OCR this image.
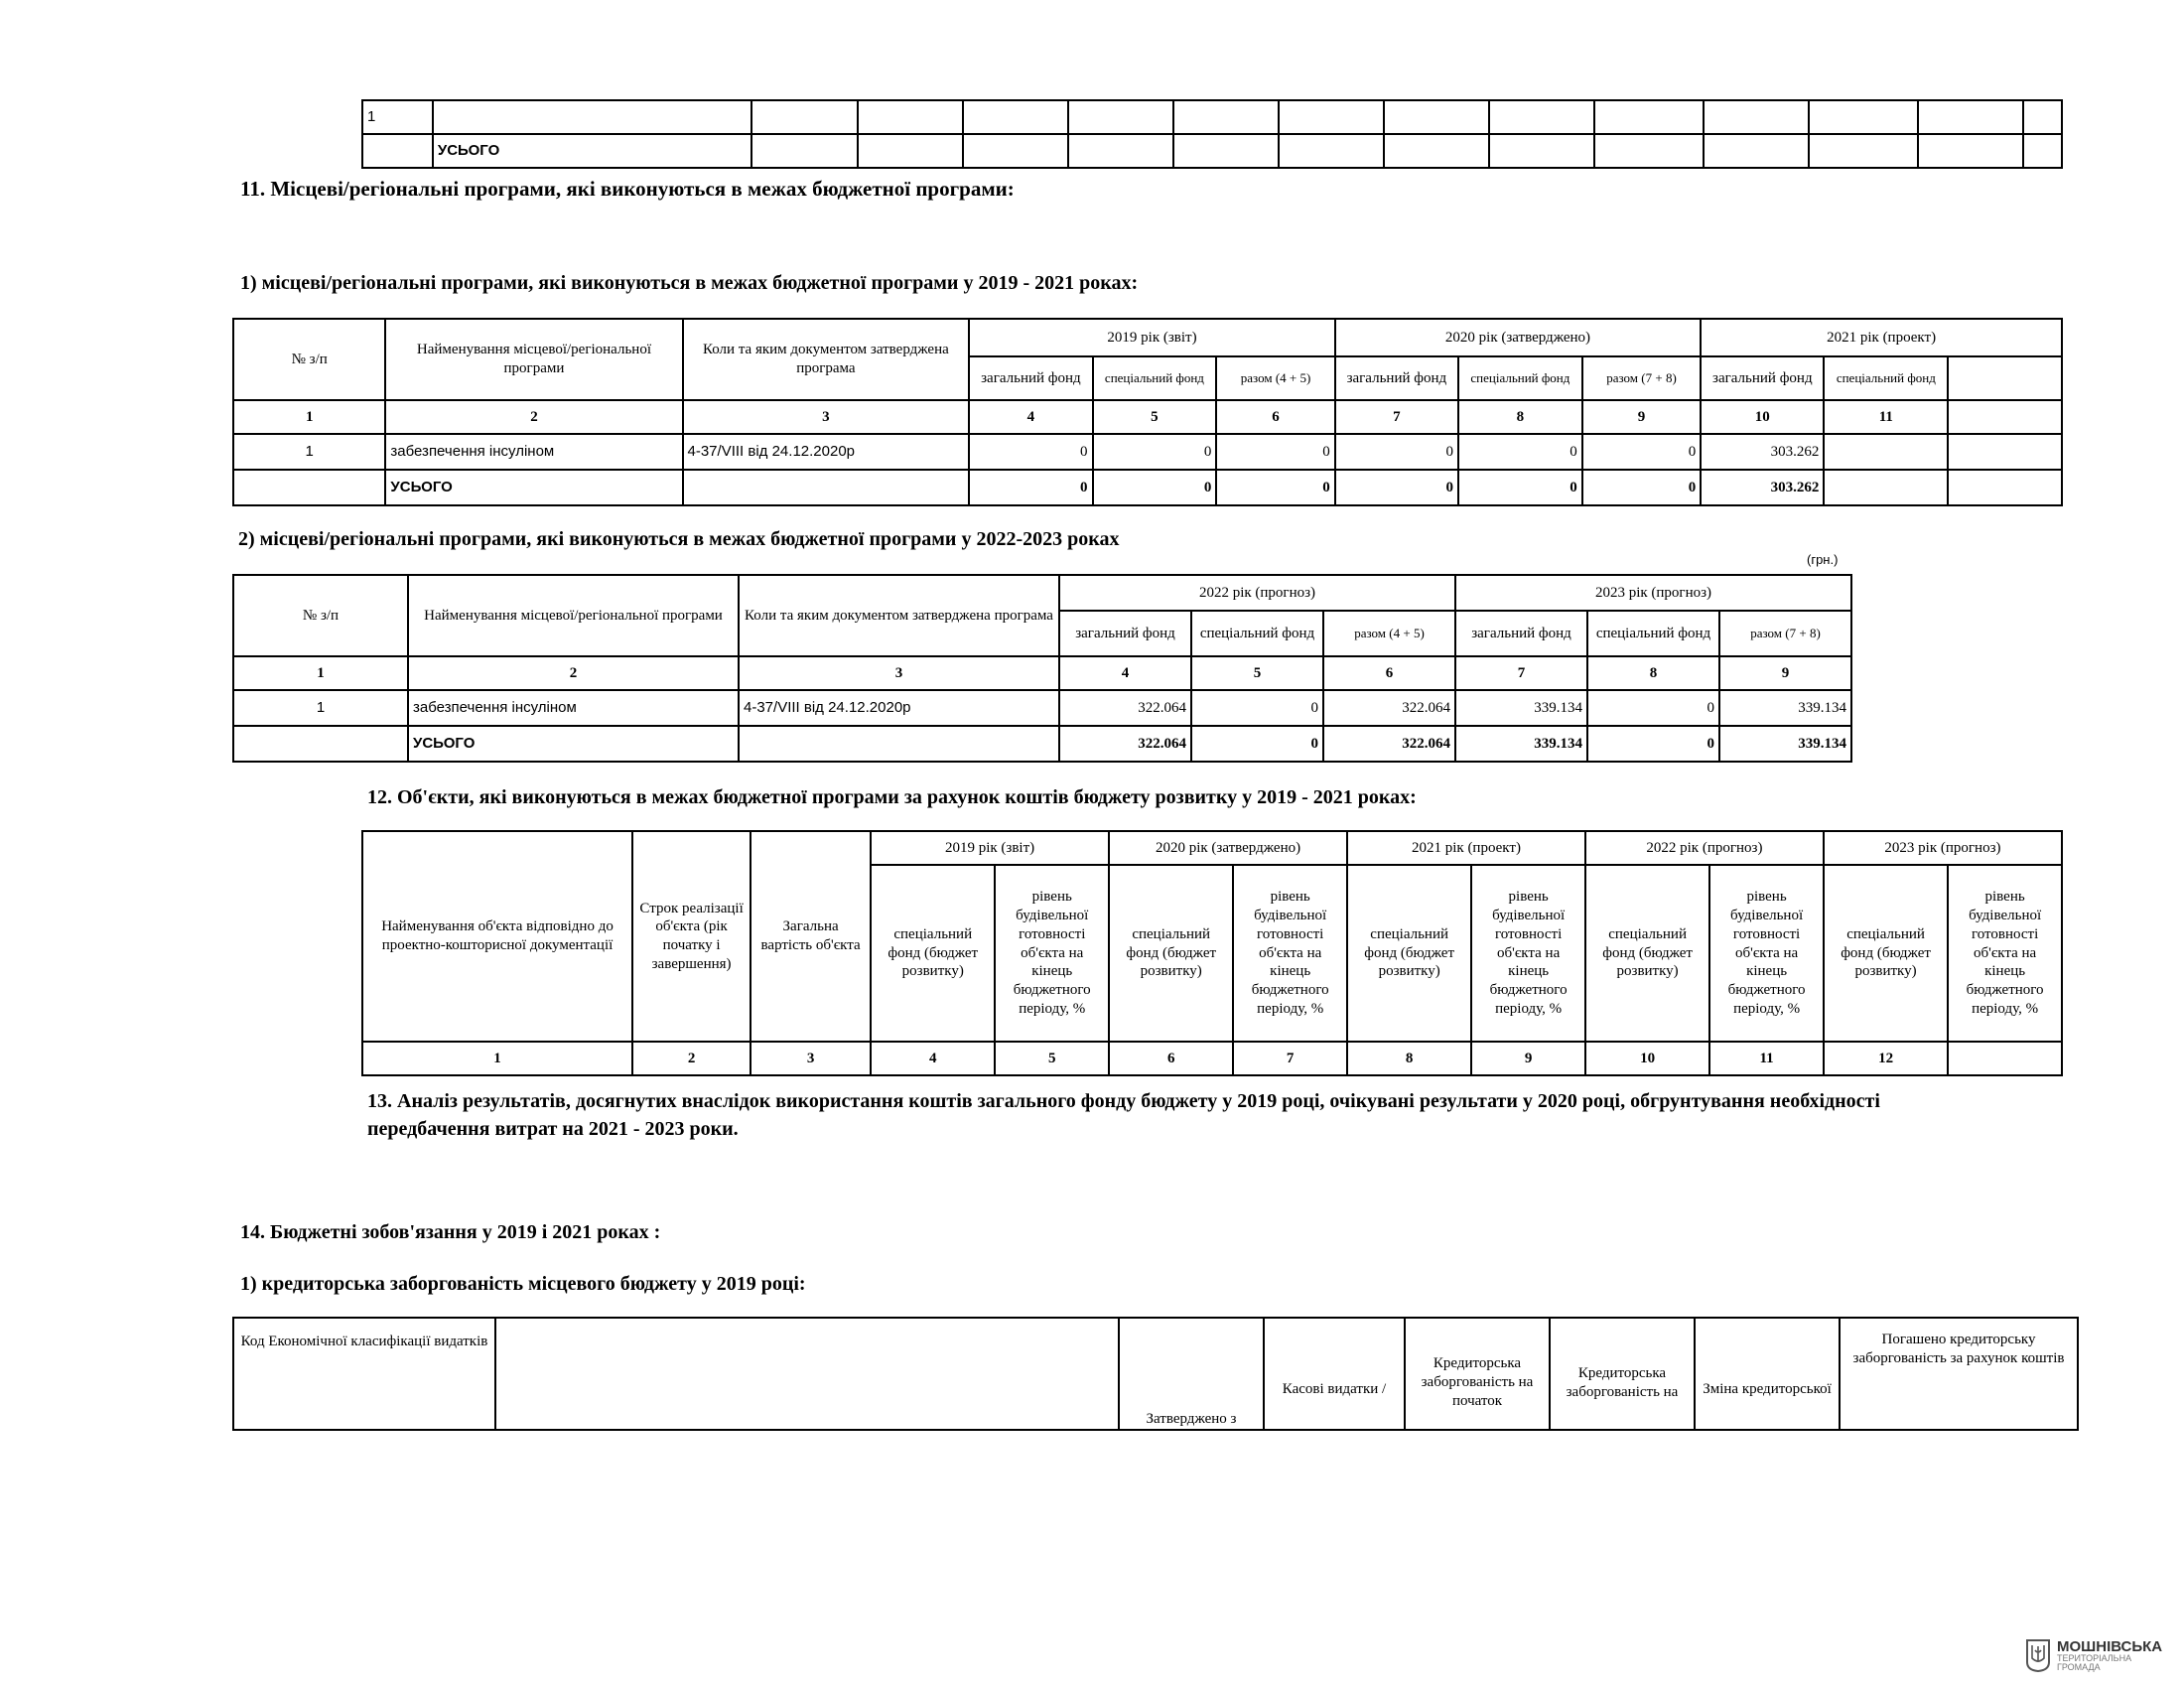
1														
	УСЬОГО													
11. Місцеві/регіональні програми, які виконуються в межах бюджетної програми:
1) місцеві/регіональні програми, які виконуються в межах бюджетної програми у 2019 - 2021 роках:
№ з/п	Найменування місцевої/регіональної програми	Коли та яким документом затверджена програма	2019 рік (звіт)			2020 рік (затверджено)			2021 рік (проект)		
			загальний фонд	спеціальний фонд	разом (4 + 5)	загальний фонд	спеціальний фонд	разом (7 + 8)	загальний фонд	спеціальний фонд	
1	2	3	4	5	6	7	8	9	10	11	
1	забезпечення інсуліном	4-37/VIII від 24.12.2020р	0	0	0	0	0	0	303.262		
	УСЬОГО		0	0	0	0	0	0	303.262		
2) місцеві/регіональні програми, які виконуються в межах бюджетної програми у 2022-2023 роках
(грн.)
№ з/п	Найменування місцевої/регіональної програми	Коли та яким документом затверджена програма	2022 рік (прогноз)			2023 рік (прогноз)		
			загальний фонд	спеціальний фонд	разом (4 + 5)	загальний фонд	спеціальний фонд	разом (7 + 8)
1	2	3	4	5	6	7	8	9
1	забезпечення інсуліном	4-37/VIII від 24.12.2020р	322.064	0	322.064	339.134	0	339.134
	УСЬОГО		322.064	0	322.064	339.134	0	339.134
12. Об'єкти, які виконуються в межах бюджетної програми за рахунок коштів бюджету розвитку у 2019 - 2021 роках:
Найменування об'єкта відповідно до проектно-кошторисної документації	Строк реалізації об'єкта (рік початку і завершення)	Загальна вартість об'єкта	2019 рік (звіт)		2020 рік (затверджено)		2021 рік (проект)		2022 рік (прогноз)		2023 рік (прогноз)	
			спеціальний фонд (бюджет розвитку)	рівень будівельної готовності об'єкта на кінець бюджетного періоду, %	спеціальний фонд (бюджет розвитку)	рівень будівельної готовності об'єкта на кінець бюджетного періоду, %	спеціальний фонд (бюджет розвитку)	рівень будівельної готовності об'єкта на кінець бюджетного періоду, %	спеціальний фонд (бюджет розвитку)	рівень будівельної готовності об'єкта на кінець бюджетного періоду, %	спеціальний фонд (бюджет розвитку)	рівень будівельної готовності об'єкта на кінець бюджетного періоду, %
1	2	3	4	5	6	7	8	9	10	11	12	
13. Аналіз результатів, досягнутих внаслідок використання коштів загального фонду бюджету у 2019 році, очікувані результати у 2020 році, обгрунтування необхідності
передбачення витрат на 2021 - 2023 роки.
14. Бюджетні зобов'язання у 2019 і 2021 роках :
1) кредиторська заборгованість місцевого бюджету у 2019 році:
Код Економічної класифікації видатків		Затверджено з	Касові видатки /	Кредиторська заборгованість на початок	Кредиторська заборгованість на	Зміна кредиторської	Погашено кредиторську заборгованість за рахунок коштів
МОШНІВСЬКА
ТЕРИТОРІАЛЬНА
ГРОМАДА
